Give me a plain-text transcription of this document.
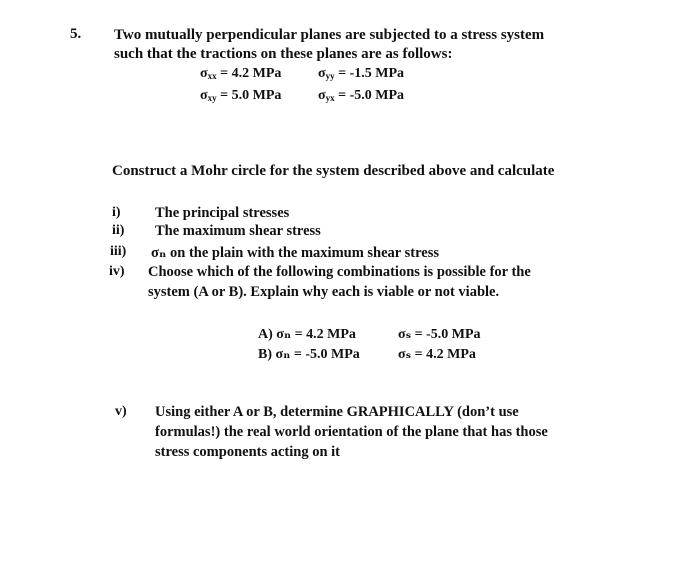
5. Two mutually perpendicular planes are subjected to a stress system
such that the tractions on these planes are as follows:
$\sigma_{xx} = 4.2$ MPa	$\sigma_{yy} = -1.5$ MPa
$\sigma_{xy} = 5.0$ MPa	$\sigma_{yx} = -5.0$ MPa
Construct a Mohr circle for the system described above and calculate
i) The principal stresses
ii) The maximum shear stress
iii) σₙ on the plain with the maximum shear stress
iv) Choose which of the following combinations is possible for the
system (A or B). Explain why each is viable or not viable.
A) σₙ = 4.2 MPa	σₛ = -5.0 MPa
B) σₙ = -5.0 MPa	σₛ = 4.2 MPa
v) Using either A or B, determine GRAPHICALLY (don’t use
formulas!) the real world orientation of the plane that has those
stress components acting on it
